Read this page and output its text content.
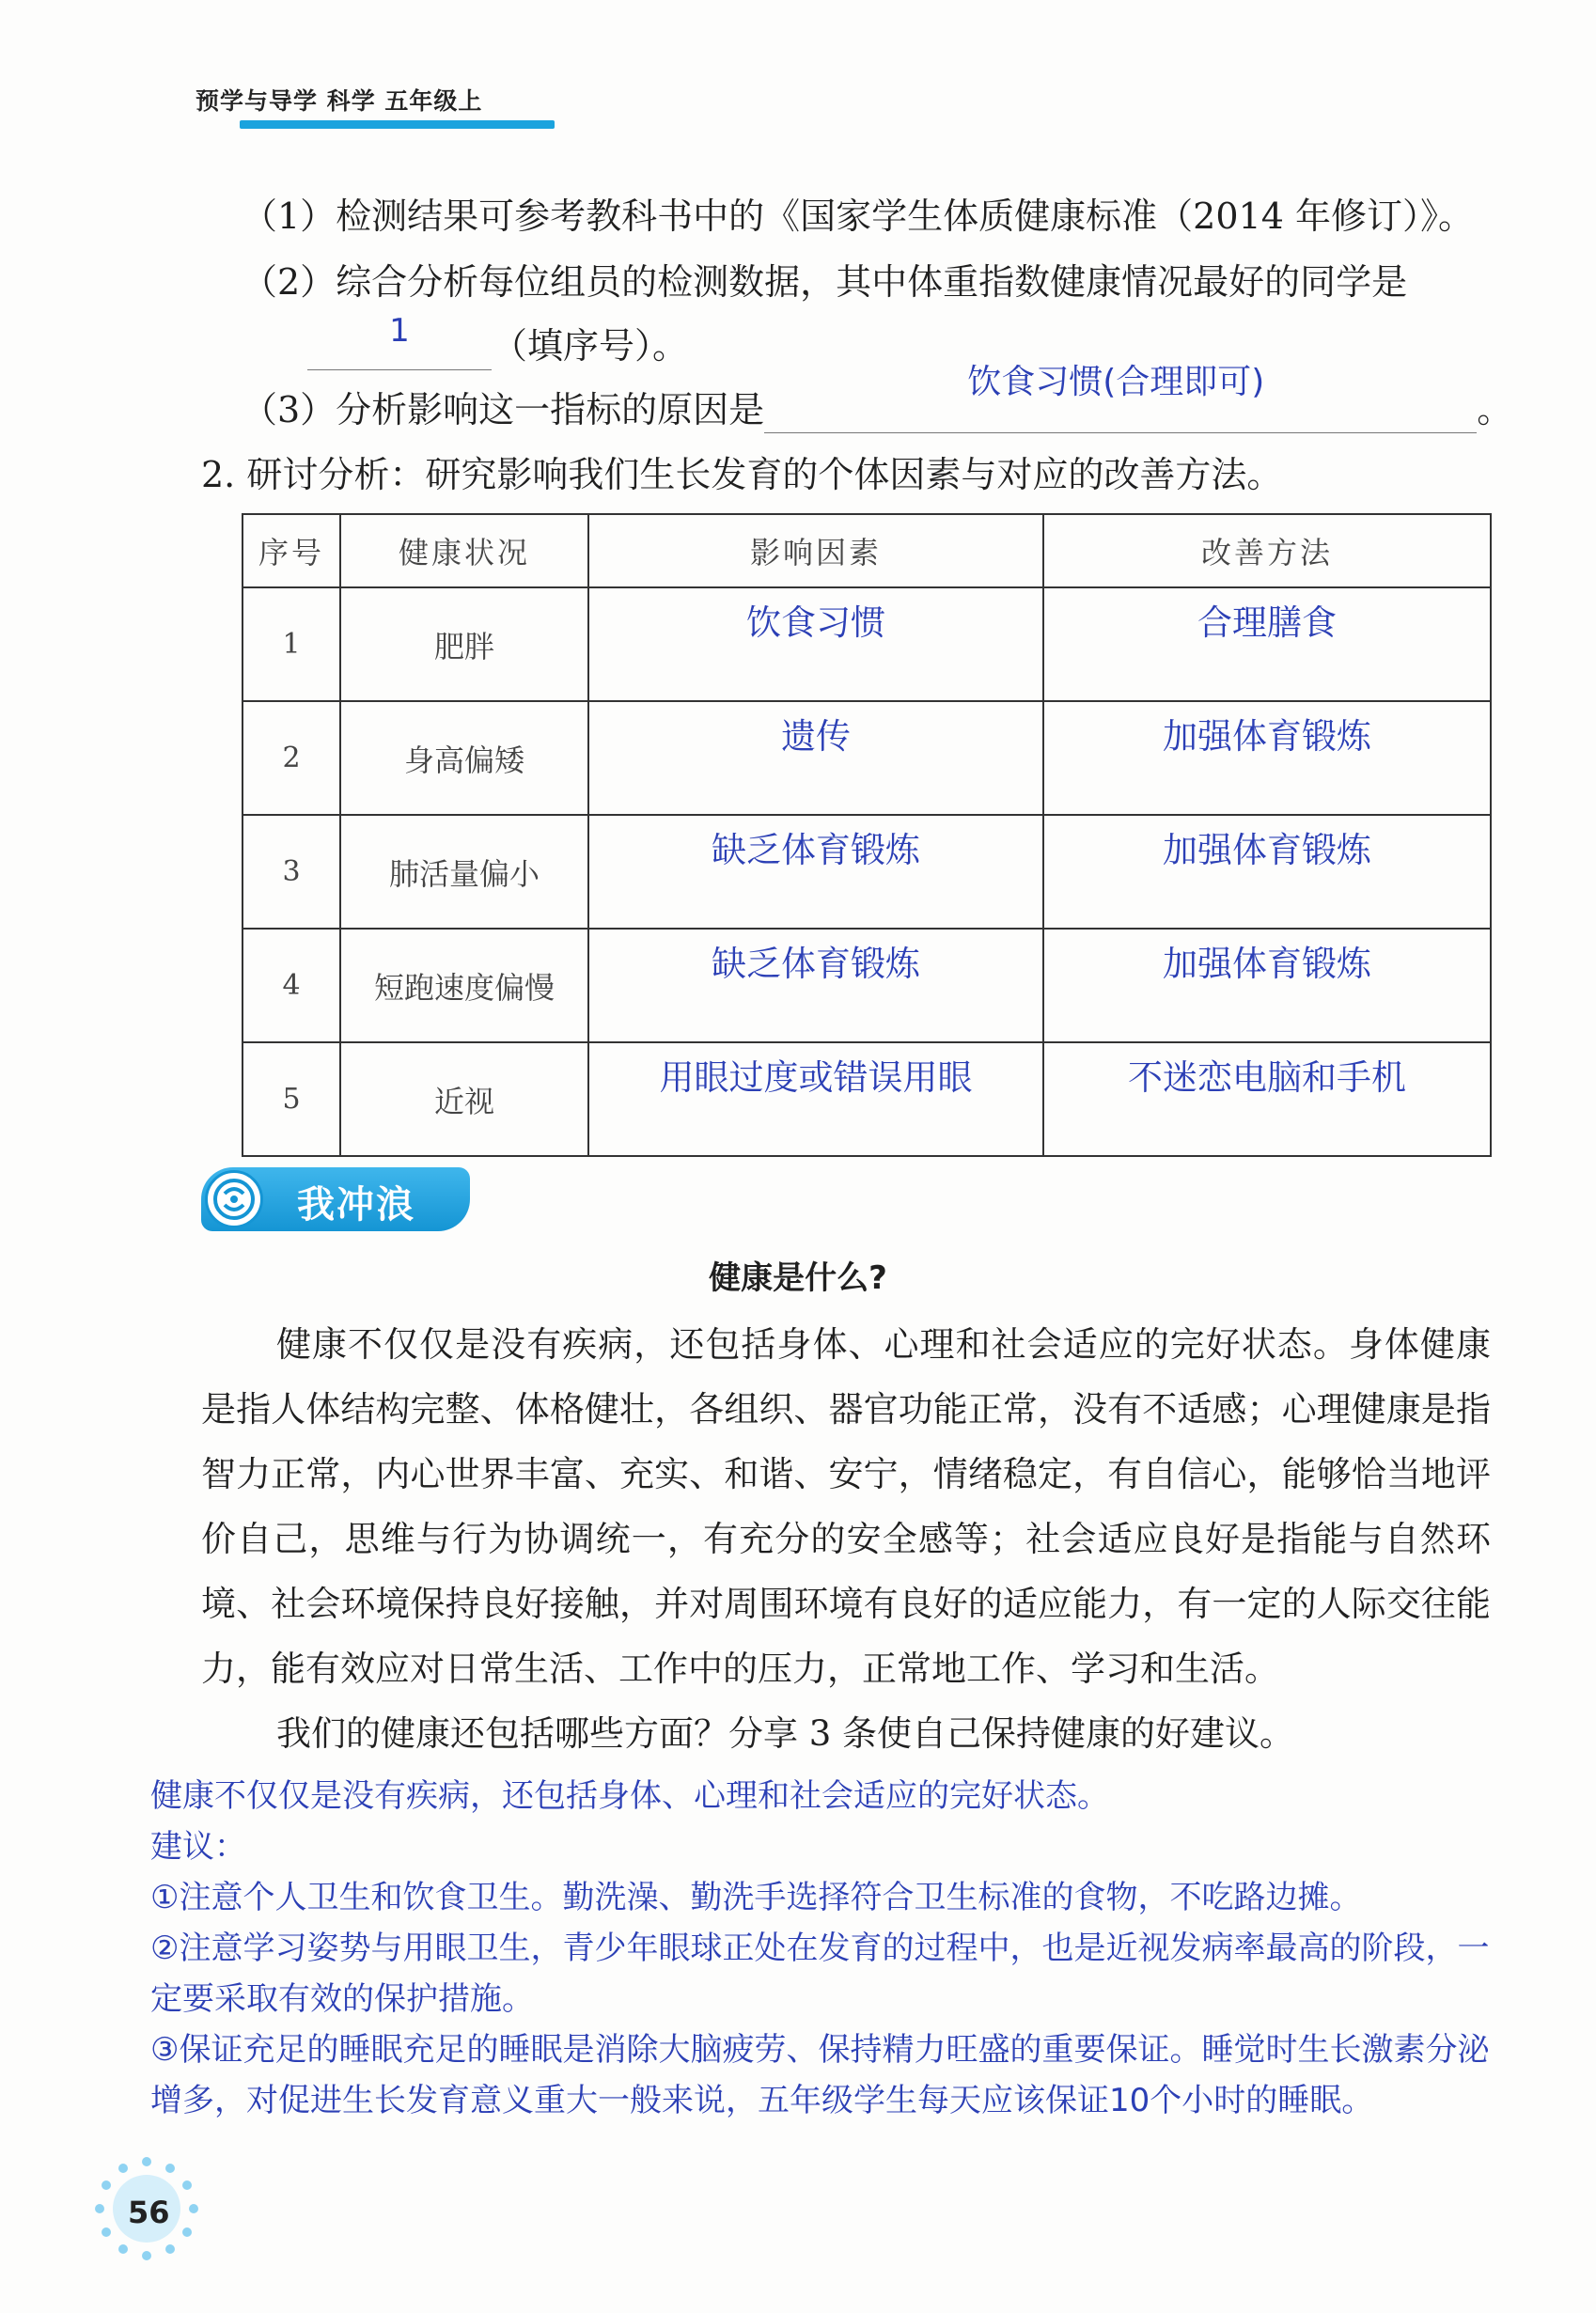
预学与导学 科学 五年级上
（1）检测结果可参考教科书中的《国家学生体质健康标准（2014 年修订）》。
（2）综合分析每位组员的检测数据，其中体重指数健康情况最好的同学是
1	（填序号）。
（3）分析影响这一指标的原因是
饮食习惯(合理即可)
。
2. 研讨分析：研究影响我们生长发育的个体因素与对应的改善方法。
序号	健康状况	影响因素	改善方法
1	肥胖	饮食习惯	合理膳食
2	身高偏矮	遗传	加强体育锻炼
3	肺活量偏小	缺乏体育锻炼	加强体育锻炼
4	短跑速度偏慢	缺乏体育锻炼	加强体育锻炼
5	近视	用眼过度或错误用眼	不迷恋电脑和手机
我冲浪
健康是什么?

健康不仅仅是没有疾病，还包括身体、心理和社会适应的完好状态。身体健康是指人体结构完整、体格健壮，各组织、器官功能正常，没有不适感；心理健康是指智力正常，内心世界丰富、充实、和谐、安宁，情绪稳定，有自信心，能够恰当地评价自己，思维与行为协调统一，有充分的安全感等；社会适应良好是指能与自然环境、社会环境保持良好接触，并对周围环境有良好的适应能力，有一定的人际交往能力，能有效应对日常生活、工作中的压力，正常地工作、学习和生活。

我们的健康还包括哪些方面？分享 3 条使自己保持健康的好建议。

健康不仅仅是没有疾病，还包括身体、心理和社会适应的完好状态。

建议：

①注意个人卫生和饮食卫生。勤洗澡、勤洗手选择符合卫生标准的食物，不吃路边摊。

②注意学习姿势与用眼卫生，青少年眼球正处在发育的过程中，也是近视发病率最高的阶段，一定要采取有效的保护措施。

③保证充足的睡眠充足的睡眠是消除大脑疲劳、保持精力旺盛的重要保证。睡觉时生长激素分泌增多，对促进生长发育意义重大一般来说，五年级学生每天应该保证10个小时的睡眠。

56
